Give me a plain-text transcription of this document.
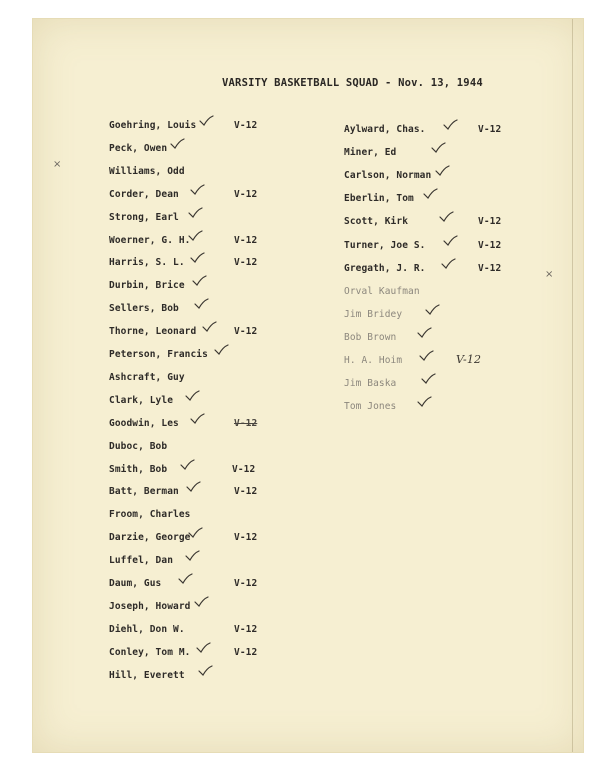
VARSITY BASKETBALL SQUAD - Nov. 13, 1944
Goehring, Louis	V-12
Peck, Owen
Williams, Odd
Corder, Dean	V-12
Strong, Earl
Woerner, G. H.	V-12
Harris, S. L.	V-12
Durbin, Brice
Sellers, Bob
Thorne, Leonard	V-12
Peterson, Francis
Ashcraft, Guy
Clark, Lyle
Goodwin, Les	V-12
Duboc, Bob
Smith, Bob	V-12
Batt, Berman	V-12
Froom, Charles
Darzie, George	V-12
Luffel, Dan
Daum, Gus	V-12
Joseph, Howard
Diehl, Don W.	V-12
Conley, Tom M.	V-12
Hill, Everett
Aylward, Chas.	V-12
Miner, Ed
Carlson, Norman
Eberlin, Tom
Scott, Kirk	V-12
Turner, Joe S.	V-12
Gregath, J. R.	V-12
Orval Kaufman
Jim Bridey
Bob Brown
H. A. Hoim	V-12
Jim Baska
Tom Jones
×
×
